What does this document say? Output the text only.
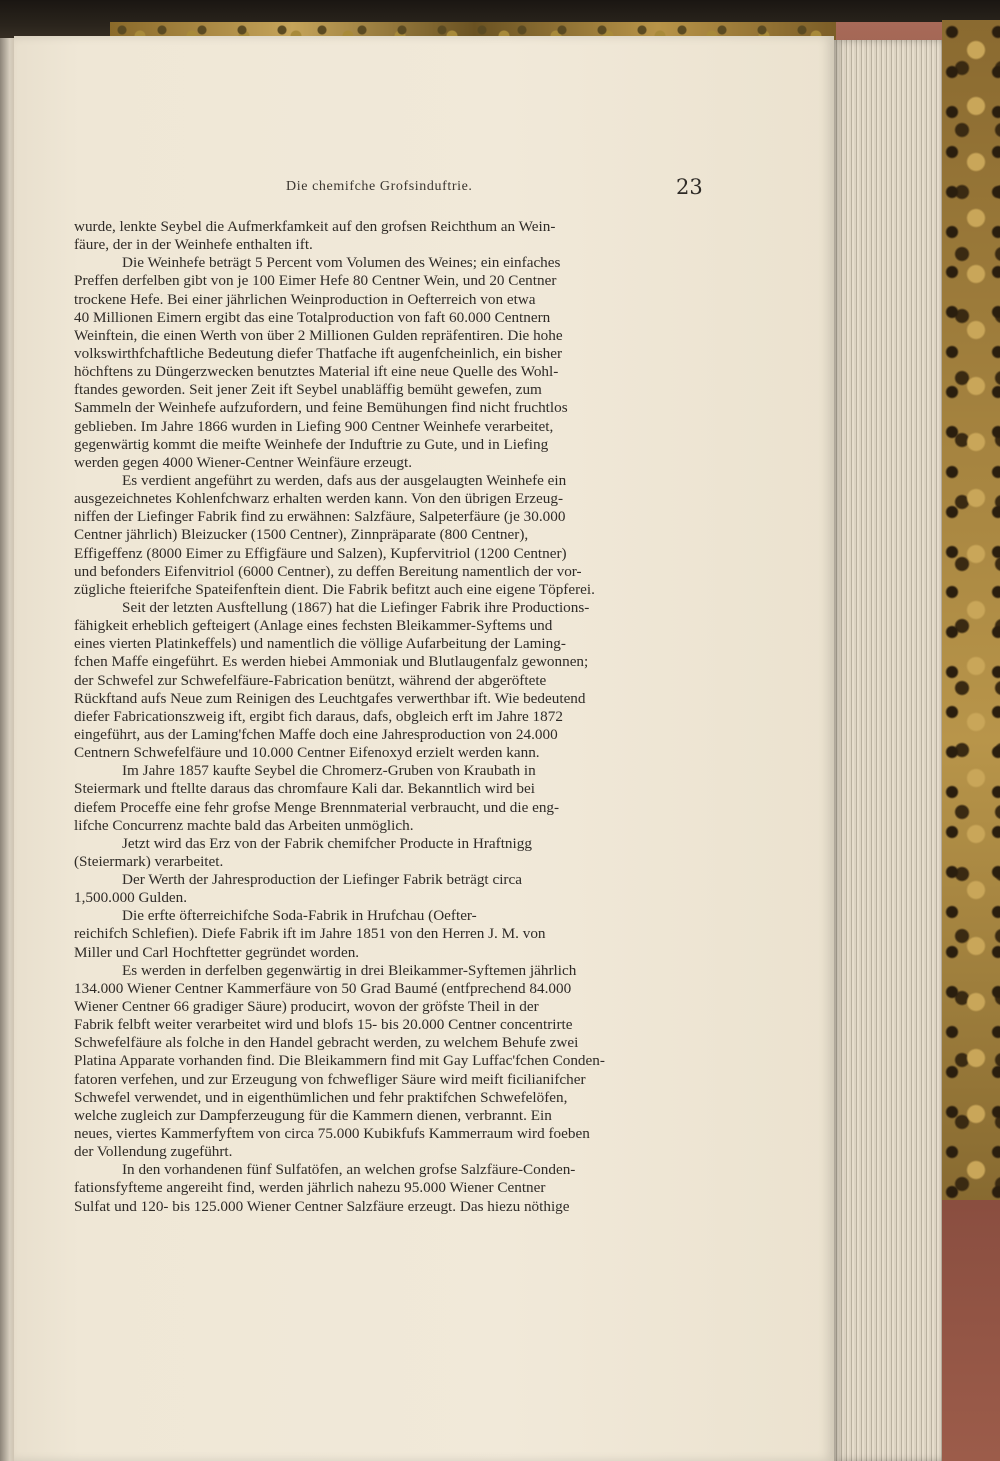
Die chemifche Grofsinduftrie.	23
wurde, lenkte Seybel die Aufmerkfamkeit auf den grofsen Reichthum an Wein-
fäure, der in der Weinhefe enthalten ift.
Die Weinhefe beträgt 5 Percent vom Volumen des Weines; ein einfaches
Preffen derfelben gibt von je 100 Eimer Hefe 80 Centner Wein, und 20 Centner
trockene Hefe. Bei einer jährlichen Weinproduction in Oefterreich von etwa
40 Millionen Eimern ergibt das eine Totalproduction von faft 60.000 Centnern
Weinftein, die einen Werth von über 2 Millionen Gulden repräfentiren. Die hohe
volkswirthfchaftliche Bedeutung diefer Thatfache ift augenfcheinlich, ein bisher
höchftens zu Düngerzwecken benutztes Material ift eine neue Quelle des Wohl-
ftandes geworden. Seit jener Zeit ift Seybel unabläffig bemüht gewefen, zum
Sammeln der Weinhefe aufzufordern, und feine Bemühungen find nicht fruchtlos
geblieben. Im Jahre 1866 wurden in Liefing 900 Centner Weinhefe verarbeitet,
gegenwärtig kommt die meifte Weinhefe der Induftrie zu Gute, und in Liefing
werden gegen 4000 Wiener-Centner Weinfäure erzeugt.
Es verdient angeführt zu werden, dafs aus der ausgelaugten Weinhefe ein
ausgezeichnetes Kohlenfchwarz erhalten werden kann. Von den übrigen Erzeug-
niffen der Liefinger Fabrik find zu erwähnen: Salzfäure, Salpeterfäure (je 30.000
Centner jährlich) Bleizucker (1500 Centner), Zinnpräparate (800 Centner),
Effigeffenz (8000 Eimer zu Effigfäure und Salzen), Kupfervitriol (1200 Centner)
und befonders Eifenvitriol (6000 Centner), zu deffen Bereitung namentlich der vor-
zügliche fteierifche Spateifenftein dient. Die Fabrik befitzt auch eine eigene Töpferei.
Seit der letzten Ausftellung (1867) hat die Liefinger Fabrik ihre Productions-
fähigkeit erheblich gefteigert (Anlage eines fechsten Bleikammer-Syftems und
eines vierten Platinkeffels) und namentlich die völlige Aufarbeitung der Laming-
fchen Maffe eingeführt. Es werden hiebei Ammoniak und Blutlaugenfalz gewonnen;
der Schwefel zur Schwefelfäure-Fabrication benützt, während der abgeröftete
Rückftand aufs Neue zum Reinigen des Leuchtgafes verwerthbar ift. Wie bedeutend
diefer Fabricationszweig ift, ergibt fich daraus, dafs, obgleich erft im Jahre 1872
eingeführt, aus der Laming'fchen Maffe doch eine Jahresproduction von 24.000
Centnern Schwefelfäure und 10.000 Centner Eifenoxyd erzielt werden kann.
Im Jahre 1857 kaufte Seybel die Chromerz-Gruben von Kraubath in
Steiermark und ftellte daraus das chromfaure Kali dar. Bekanntlich wird bei
diefem Proceffe eine fehr grofse Menge Brennmaterial verbraucht, und die eng-
lifche Concurrenz machte bald das Arbeiten unmöglich.
Jetzt wird das Erz von der Fabrik chemifcher Producte in Hraftnigg
(Steiermark) verarbeitet.
Der Werth der Jahresproduction der Liefinger Fabrik beträgt circa
1,500.000 Gulden.
Die erfte öfterreichifche Soda-Fabrik in Hrufchau (Oefter-
reichifch Schlefien). Diefe Fabrik ift im Jahre 1851 von den Herren J. M. von
Miller und Carl Hochftetter gegründet worden.
Es werden in derfelben gegenwärtig in drei Bleikammer-Syftemen jährlich
134.000 Wiener Centner Kammerfäure von 50 Grad Baumé (entfprechend 84.000
Wiener Centner 66 gradiger Säure) producirt, wovon der gröfste Theil in der
Fabrik felbft weiter verarbeitet wird und blofs 15- bis 20.000 Centner concentrirte
Schwefelfäure als folche in den Handel gebracht werden, zu welchem Behufe zwei
Platina Apparate vorhanden find. Die Bleikammern find mit Gay Luffac'fchen Conden-
fatoren verfehen, und zur Erzeugung von fchwefliger Säure wird meift ficilianifcher
Schwefel verwendet, und in eigenthümlichen und fehr praktifchen Schwefelöfen,
welche zugleich zur Dampferzeugung für die Kammern dienen, verbrannt. Ein
neues, viertes Kammerfyftem von circa 75.000 Kubikfufs Kammerraum wird foeben
der Vollendung zugeführt.
In den vorhandenen fünf Sulfatöfen, an welchen grofse Salzfäure-Conden-
fationsfyfteme angereiht find, werden jährlich nahezu 95.000 Wiener Centner
Sulfat und 120- bis 125.000 Wiener Centner Salzfäure erzeugt. Das hiezu nöthige
